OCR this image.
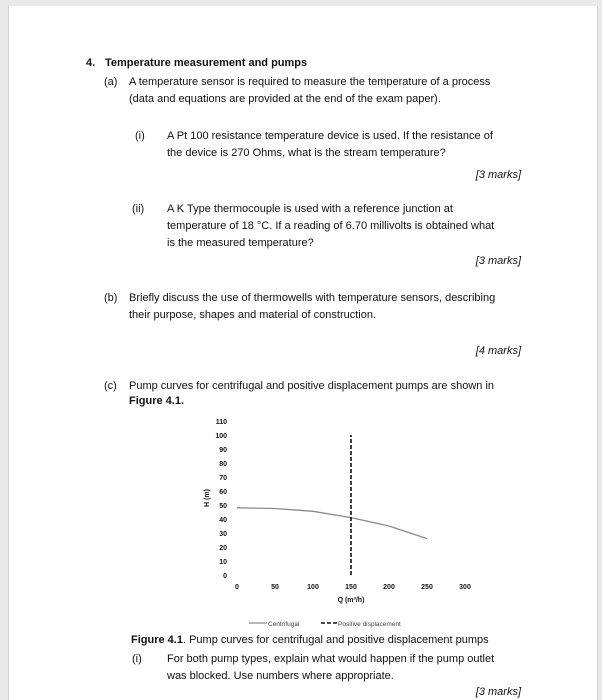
4. Temperature measurement and pumps
(a) A temperature sensor is required to measure the temperature of a process
(data and equations are provided at the end of the exam paper).
(i) A Pt 100 resistance temperature device is used. If the resistance of
the device is 270 Ohms, what is the stream temperature?
[3 marks]
(ii) A K Type thermocouple is used with a reference junction at
temperature of 18 °C. If a reading of 6.70 millivolts is obtained what
is the measured temperature?
[3 marks]
(b) Briefly discuss the use of thermowells with temperature sensors, describing
their purpose, shapes and material of construction.
[4 marks]
(c) Pump curves for centrifugal and positive displacement pumps are shown in
Figure 4.1.
0
10
20
30
40
50
60
70
80
90
100
110
0	50	100	150	200	250	300
Q (m³/h)
H (m)
Centrifugal	Positive displacement
Figure 4.1. Pump curves for centrifugal and positive displacement pumps
(i) For both pump types, explain what would happen if the pump outlet
was blocked. Use numbers where appropriate.
[3 marks]
